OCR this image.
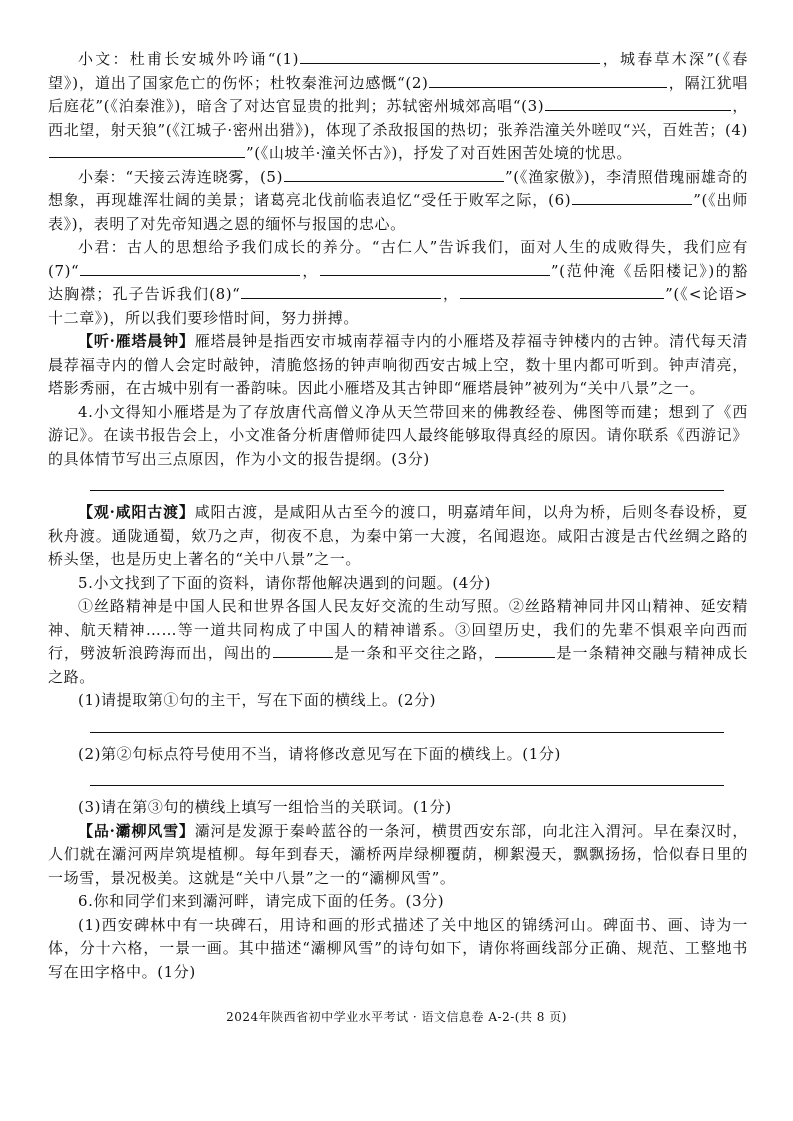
小文：杜甫长安城外吟诵“(1)	，城春草木深”(《春望》)，道出了国家危亡的伤怀；杜牧秦淮河边感慨“(2)	，隔江犹唱后庭花”(《泊秦淮》)，暗含了对达官显贵的批判；苏轼密州城郊高唱“(3)	，西北望，射天狼”(《江城子·密州出猎》)，体现了杀敌报国的热切；张养浩潼关外嗟叹“兴，百姓苦；(4)”(《山坡羊·潼关怀古》)，抒发了对百姓困苦处境的忧思。

小秦：“天接云涛连晓雾，(5)	”(《渔家傲》)，李清照借瑰丽雄奇的想象，再现雄浑壮阔的美景；诸葛亮北伐前临表追忆“受任于败军之际，(6)	”(《出师表》)，表明了对先帝知遇之恩的缅怀与报国的忠心。

小君：古人的思想给予我们成长的养分。“古仁人”告诉我们，面对人生的成败得失，我们应有(7)“	，	”(范仲淹《岳阳楼记》)的豁达胸襟；孔子告诉我们(8)“	，	”(《<论语>十二章》)，所以我们要珍惜时间，努力拼搏。

【听·雁塔晨钟】雁塔晨钟是指西安市城南荐福寺内的小雁塔及荐福寺钟楼内的古钟。清代每天清晨荐福寺内的僧人会定时敲钟，清脆悠扬的钟声响彻西安古城上空，数十里内都可听到。钟声清亮，塔影秀丽，在古城中别有一番韵味。因此小雁塔及其古钟即“雁塔晨钟”被列为“关中八景”之一。

4.小文得知小雁塔是为了存放唐代高僧义净从天竺带回来的佛教经卷、佛图等而建；想到了《西游记》。在读书报告会上，小文准备分析唐僧师徒四人最终能够取得真经的原因。请你联系《西游记》的具体情节写出三点原因，作为小文的报告提纲。(3分)

【观·咸阳古渡】咸阳古渡，是咸阳从古至今的渡口，明嘉靖年间，以舟为桥，后则冬春设桥，夏秋舟渡。通陇通蜀，欸乃之声，彻夜不息，为秦中第一大渡，名闻遐迩。咸阳古渡是古代丝绸之路的桥头堡，也是历史上著名的“关中八景”之一。

5.小文找到了下面的资料，请你帮他解决遇到的问题。(4分)

①丝路精神是中国人民和世界各国人民友好交流的生动写照。②丝路精神同井冈山精神、延安精神、航天精神……等一道共同构成了中国人的精神谱系。③回望历史，我们的先辈不惧艰辛向西而行，劈波斩浪跨海而出，闯出的	是一条和平交往之路，	是一条精神交融与精神成长之路。

(1)请提取第①句的主干，写在下面的横线上。(2分)

(2)第②句标点符号使用不当，请将修改意见写在下面的横线上。(1分)

(3)请在第③句的横线上填写一组恰当的关联词。(1分)

【品·灞柳风雪】灞河是发源于秦岭蓝谷的一条河，横贯西安东部，向北注入渭河。早在秦汉时，人们就在灞河两岸筑堤植柳。每年到春天，灞桥两岸绿柳覆荫，柳絮漫天，飘飘扬扬，恰似春日里的一场雪，景况极美。这就是“关中八景”之一的“灞柳风雪”。

6.你和同学们来到灞河畔，请完成下面的任务。(3分)

(1)西安碑林中有一块碑石，用诗和画的形式描述了关中地区的锦绣河山。碑面书、画、诗为一体，分十六格，一景一画。其中描述“灞柳风雪”的诗句如下，请你将画线部分正确、规范、工整地书写在田字格中。(1分)

2024年陕西省初中学业水平考试 · 语文信息卷 A-2-(共 8 页)
